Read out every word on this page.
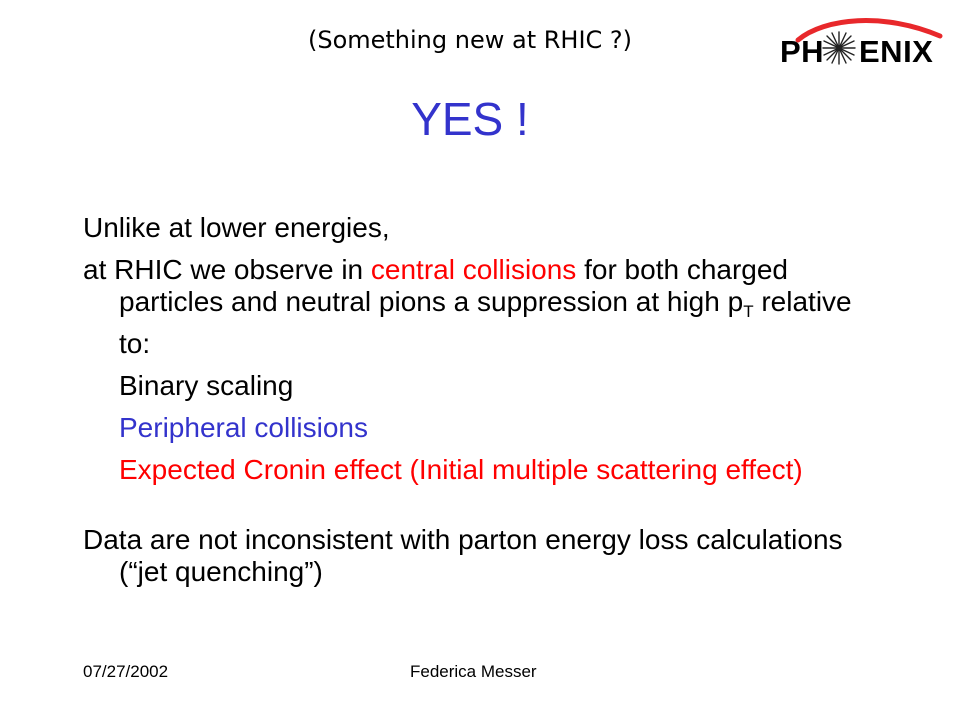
(Something new at RHIC ?)	PH ENIX
YES !

Unlike at lower energies,

at RHIC we observe in central collisions for both charged particles and neutral pions a suppression at high $p_T$ relative to:

Binary scaling

Peripheral collisions

Expected Cronin effect (Initial multiple scattering effect)

Data are not inconsistent with parton energy loss calculations (“jet quenching”)

07/27/2002	Federica Messer
